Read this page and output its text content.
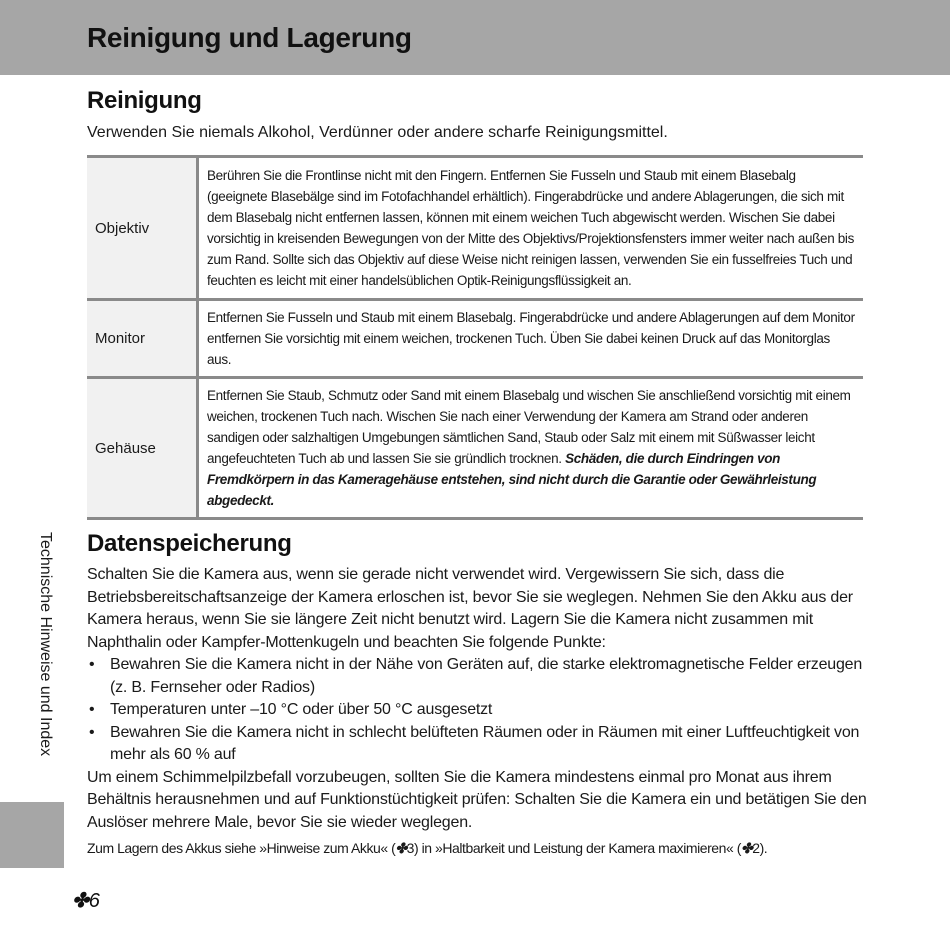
Reinigung und Lagerung
Reinigung

Verwenden Sie niemals Alkohol, Verdünner oder andere scharfe Reinigungsmittel.

Objektiv	Berühren Sie die Frontlinse nicht mit den Fingern. Entfernen Sie Fusseln und Staub mit einem Blasebalg (geeignete Blasebälge sind im Fotofachhandel erhältlich). Fingerabdrücke und andere Ablagerungen, die sich mit dem Blasebalg nicht entfernen lassen, können mit einem weichen Tuch abgewischt werden. Wischen Sie dabei vorsichtig in kreisenden Bewegungen von der Mitte des Objektivs/Projektionsfensters immer weiter nach außen bis zum Rand. Sollte sich das Objektiv auf diese Weise nicht reinigen lassen, verwenden Sie ein fusselfreies Tuch und feuchten es leicht mit einer handelsüblichen Optik-Reinigungsflüssigkeit an.
Monitor	Entfernen Sie Fusseln und Staub mit einem Blasebalg. Fingerabdrücke und andere Ablagerungen auf dem Monitor entfernen Sie vorsichtig mit einem weichen, trockenen Tuch. Üben Sie dabei keinen Druck auf das Monitorglas aus.
Gehäuse	Entfernen Sie Staub, Schmutz oder Sand mit einem Blasebalg und wischen Sie anschließend vorsichtig mit einem weichen, trockenen Tuch nach. Wischen Sie nach einer Verwendung der Kamera am Strand oder anderen sandigen oder salzhaltigen Umgebungen sämtlichen Sand, Staub oder Salz mit einem mit Süßwasser leicht angefeuchteten Tuch ab und lassen Sie sie gründlich trocknen. Schäden, die durch Eindringen von Fremdkörpern in das Kameragehäuse entstehen, sind nicht durch die Garantie oder Gewährleistung abgedeckt.
Datenspeicherung

Schalten Sie die Kamera aus, wenn sie gerade nicht verwendet wird. Vergewissern Sie sich, dass die Betriebsbereitschaftsanzeige der Kamera erloschen ist, bevor Sie sie weglegen. Nehmen Sie den Akku aus der Kamera heraus, wenn Sie sie längere Zeit nicht benutzt wird. Lagern Sie die Kamera nicht zusammen mit Naphthalin oder Kampfer-Mottenkugeln und beachten Sie folgende Punkte:

• Bewahren Sie die Kamera nicht in der Nähe von Geräten auf, die starke elektromagnetische Felder erzeugen (z. B. Fernseher oder Radios)
• Temperaturen unter –10 °C oder über 50 °C ausgesetzt
• Bewahren Sie die Kamera nicht in schlecht belüfteten Räumen oder in Räumen mit einer Luftfeuchtigkeit von mehr als 60 % auf

Um einem Schimmelpilzbefall vorzubeugen, sollten Sie die Kamera mindestens einmal pro Monat aus ihrem Behältnis herausnehmen und auf Funktionstüchtigkeit prüfen: Schalten Sie die Kamera ein und betätigen Sie den Auslöser mehrere Male, bevor Sie sie wieder weglegen.

Zum Lagern des Akkus siehe »Hinweise zum Akku« (✤3) in »Haltbarkeit und Leistung der Kamera maximieren« (✤2).

Technische Hinweise und Index
✤6
